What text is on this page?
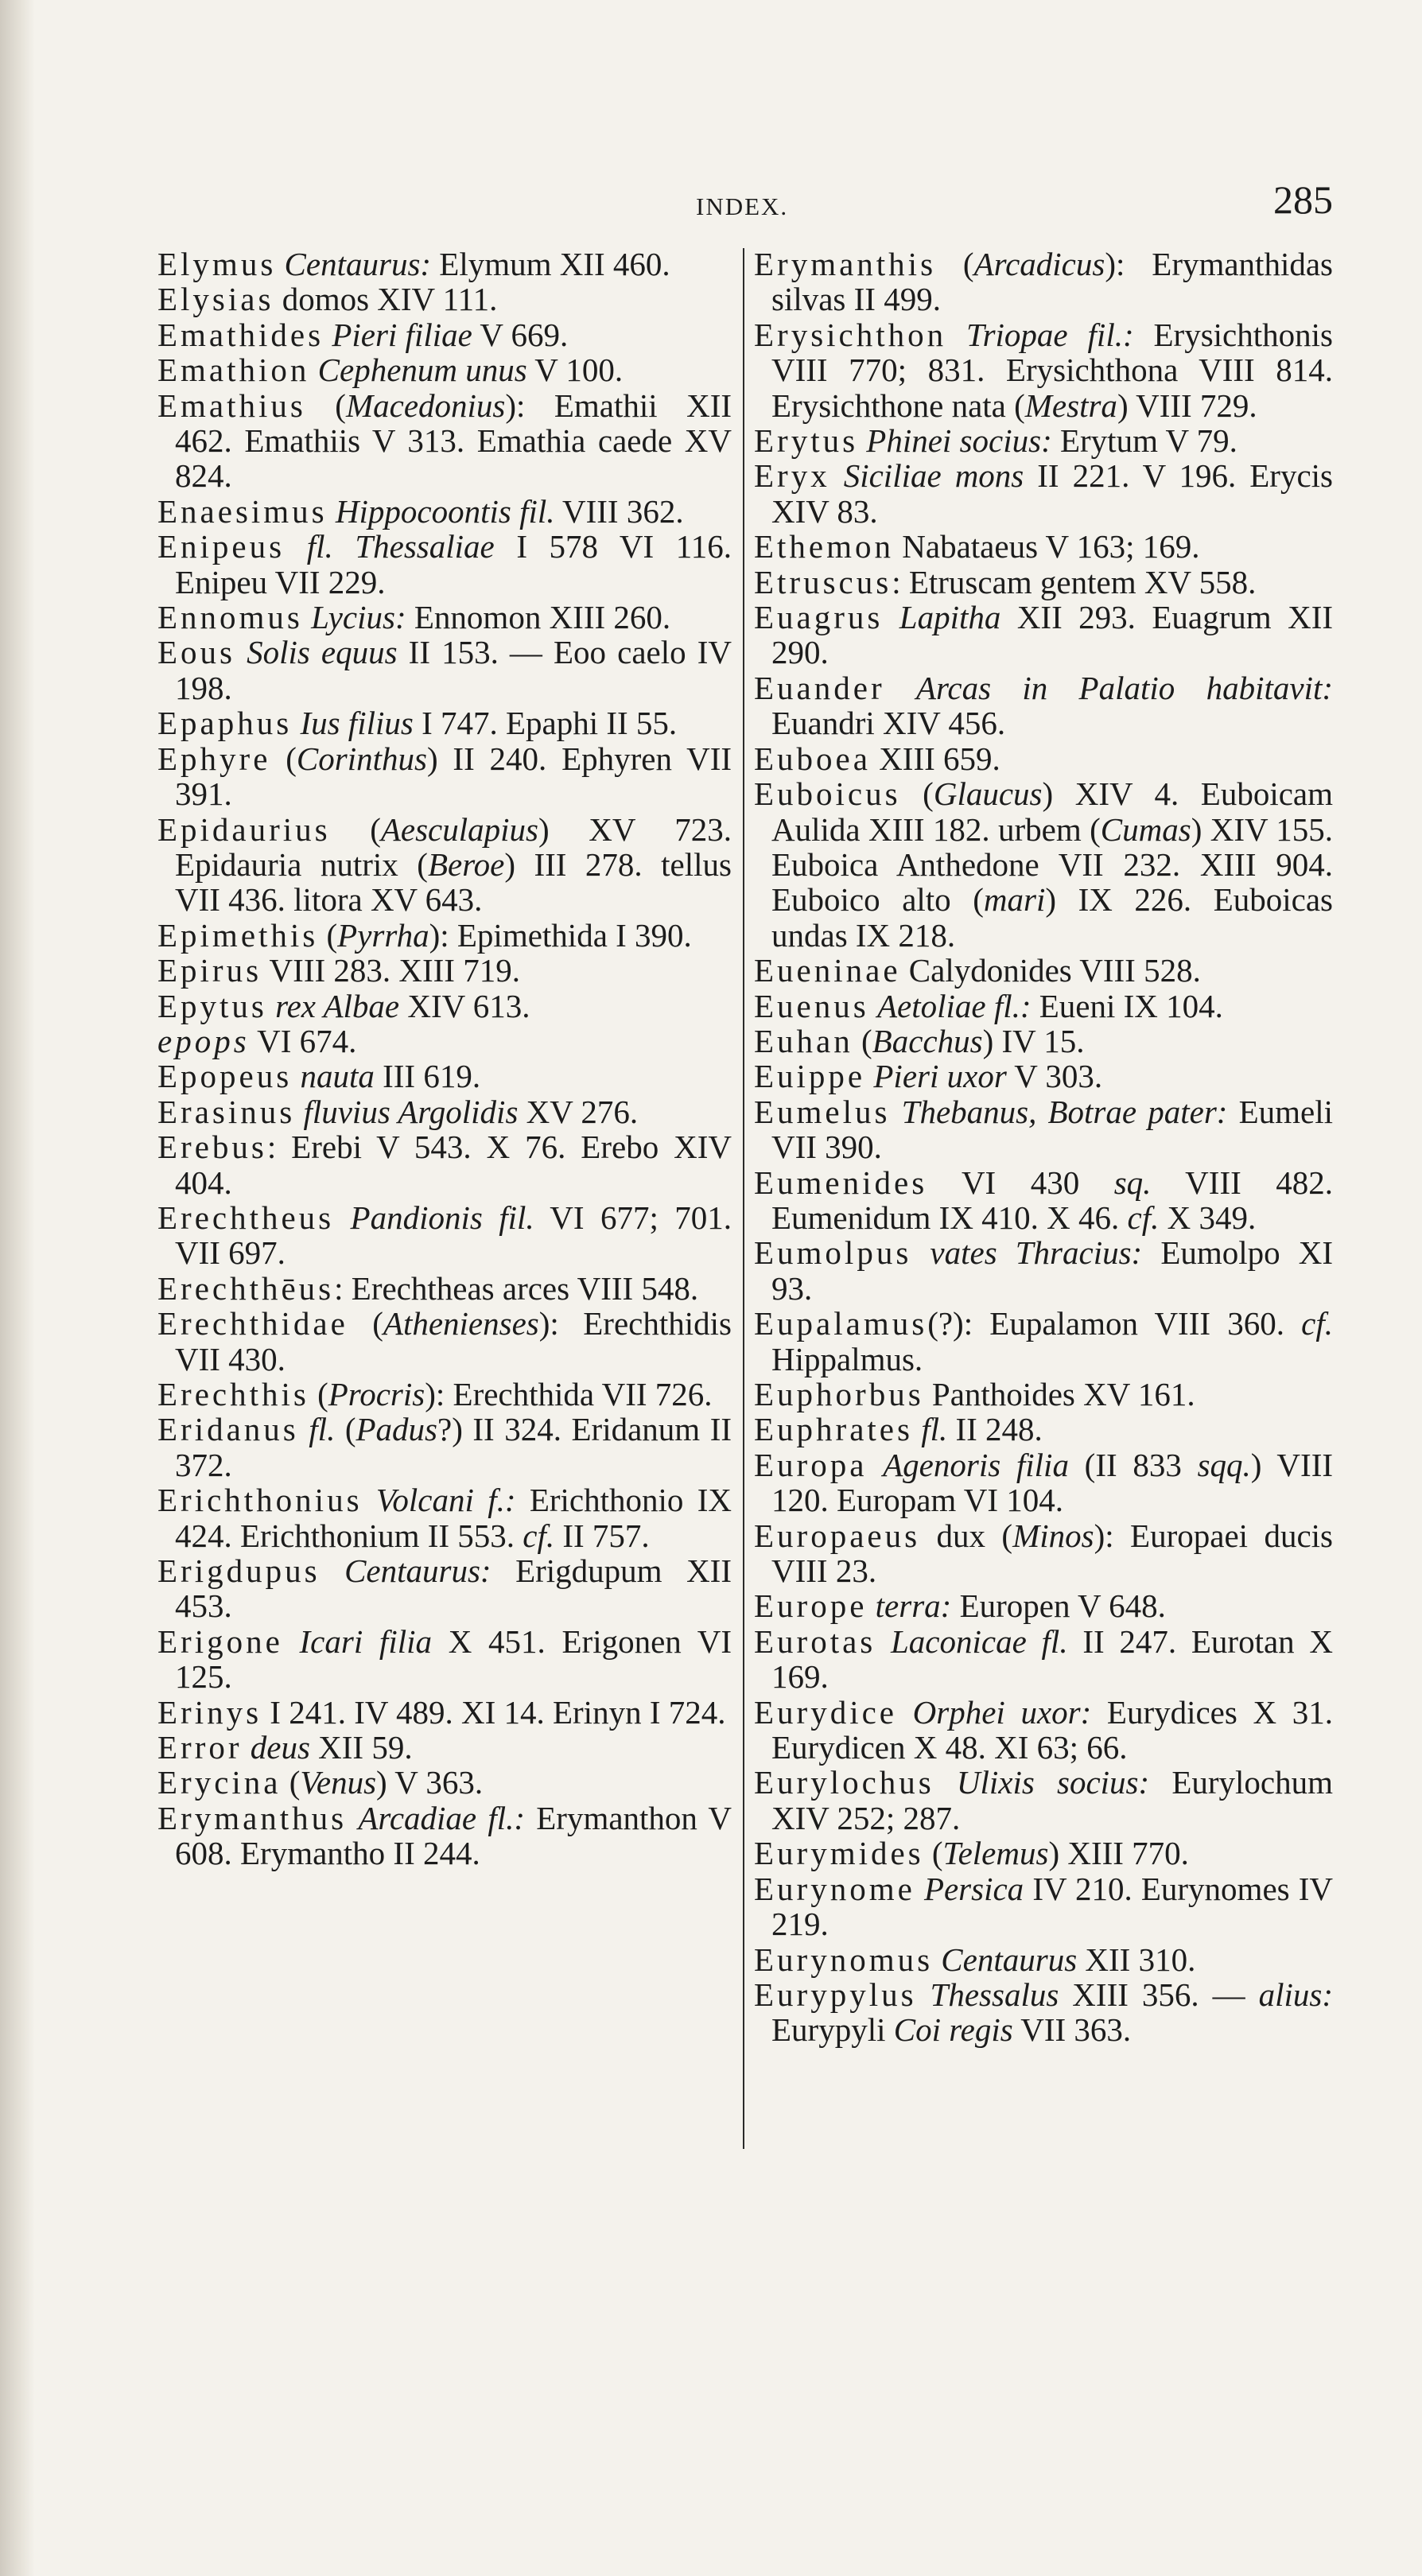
INDEX.	285
Elymus Centaurus: Elymum XII 460.
Elysias domos XIV 111.
Emathides Pieri filiae V 669.
Emathion Cephenum unus V 100.
Emathius (Macedonius): Emathii XII 462. Emathiis V 313. Emathia caede XV 824.
Enaesimus Hippocoontis fil. VIII 362.
Enipeus fl. Thessaliae I 578 VI 116. Enipeu VII 229.
Ennomus Lycius: Ennomon XIII 260.
Eous Solis equus II 153. — Eoo caelo IV 198.
Epaphus Ius filius I 747. Epaphi II 55.
Ephyre (Corinthus) II 240. Ephyren VII 391.
Epidaurius (Aesculapius) XV 723. Epidauria nutrix (Beroe) III 278. tellus VII 436. litora XV 643.
Epimethis (Pyrrha): Epimethida I 390.
Epirus VIII 283. XIII 719.
Epytus rex Albae XIV 613.
epops VI 674.
Epopeus nauta III 619.
Erasinus fluvius Argolidis XV 276.
Erebus: Erebi V 543. X 76. Erebo XIV 404.
Erechtheus Pandionis fil. VI 677; 701. VII 697.
Erechthēus: Erechtheas arces VIII 548.
Erechthidae (Athenienses): Erechthidis VII 430.
Erechthis (Procris): Erechthida VII 726.
Eridanus fl. (Padus?) II 324. Eridanum II 372.
Erichthonius Volcani f.: Erichthonio IX 424. Erichthonium II 553. cf. II 757.
Erigdupus Centaurus: Erigdupum XII 453.
Erigone Icari filia X 451. Erigonen VI 125.
Erinys I 241. IV 489. XI 14. Erinyn I 724.
Error deus XII 59.
Erycina (Venus) V 363.
Erymanthus Arcadiae fl.: Erymanthon V 608. Erymantho II 244.
Erymanthis (Arcadicus): Erymanthidas silvas II 499.
Erysichthon Triopae fil.: Erysichthonis VIII 770; 831. Erysichthona VIII 814. Erysichthone nata (Mestra) VIII 729.
Erytus Phinei socius: Erytum V 79.
Eryx Siciliae mons II 221. V 196. Erycis XIV 83.
Ethemon Nabataeus V 163; 169.
Etruscus: Etruscam gentem XV 558.
Euagrus Lapitha XII 293. Euagrum XII 290.
Euander Arcas in Palatio habitavit: Euandri XIV 456.
Euboea XIII 659.
Euboicus (Glaucus) XIV 4. Euboicam Aulida XIII 182. urbem (Cumas) XIV 155. Euboica Anthedone VII 232. XIII 904. Euboico alto (mari) IX 226. Euboicas undas IX 218.
Eueninae Calydonides VIII 528.
Euenus Aetoliae fl.: Eueni IX 104.
Euhan (Bacchus) IV 15.
Euippe Pieri uxor V 303.
Eumelus Thebanus, Botrae pater: Eumeli VII 390.
Eumenides VI 430 sq. VIII 482. Eumenidum IX 410. X 46. cf. X 349.
Eumolpus vates Thracius: Eumolpo XI 93.
Eupalamus(?): Eupalamon VIII 360. cf. Hippalmus.
Euphorbus Panthoides XV 161.
Euphrates fl. II 248.
Europa Agenoris filia (II 833 sqq.) VIII 120. Europam VI 104.
Europaeus dux (Minos): Europaei ducis VIII 23.
Europe terra: Europen V 648.
Eurotas Laconicae fl. II 247. Eurotan X 169.
Eurydice Orphei uxor: Eurydices X 31. Eurydicen X 48. XI 63; 66.
Eurylochus Ulixis socius: Eurylochum XIV 252; 287.
Eurymides (Telemus) XIII 770.
Eurynome Persica IV 210. Eurynomes IV 219.
Eurynomus Centaurus XII 310.
Eurypylus Thessalus XIII 356. — alius: Eurypyli Coi regis VII 363.
